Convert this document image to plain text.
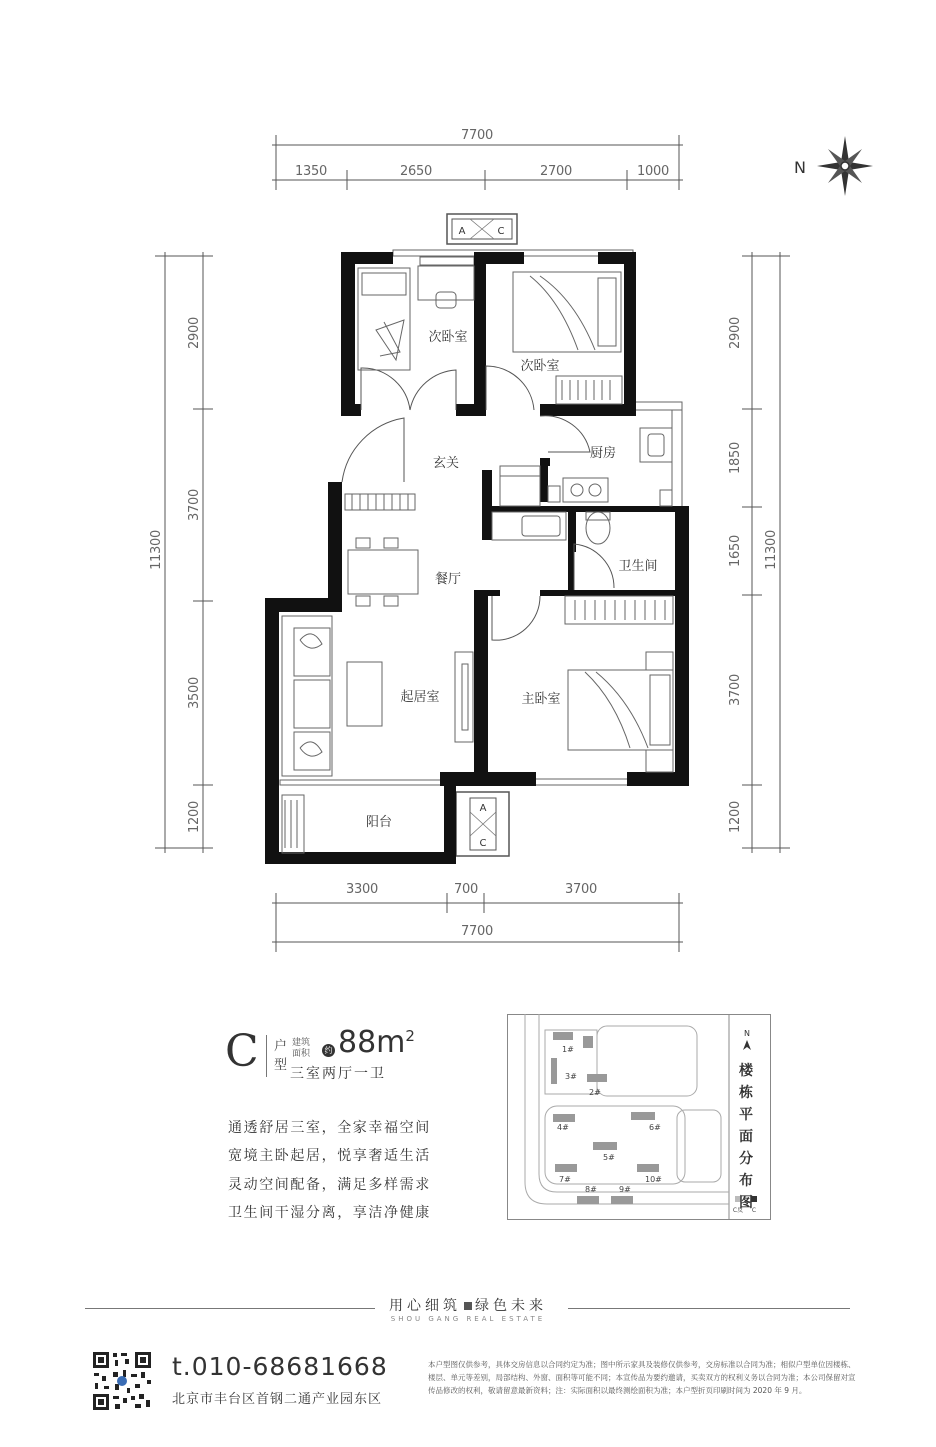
7700
1350	2650	2700	1000
3300	700	3700
7700
11300
2900
3700
3500
1200
2900
1850
1650
3700
1200
11300
N
A	C
A
C
次卧室
次卧室
玄关
厨房
餐厅
卫生间
起居室	主卧室
阳台
C 户
型
建筑
面积	约 $88m^2$
三室两厅一卫
通透舒居三室，全家幸福空间
宽境主卧起居，悦享奢适生活
灵动空间配备，满足多样需求
卫生间干湿分离，享洁净健康
1#
2#
3#
4#
5#
6#
7#
8#	9#
10#
N
C反 C
楼栋平面分布图
用心细筑 绿色未来
SHOU GANG REAL ESTATE
t.010-68681668
北京市丰台区首钢二通产业园东区
本户型图仅供参考，具体交房信息以合同约定为准；图中所示家具及装修仅供参考，交房标准以合同为准；相似户型单位因楼栋、楼层、单元等差别，局部结构、外窗、面积等可能不同；本宣传品为要约邀请，买卖双方的权利义务以合同为准；本公司保留对宣传品修改的权利，敬请留意最新资料；注：实际面积以最终测绘面积为准；本户型折页印刷时间为 2020 年 9 月。
